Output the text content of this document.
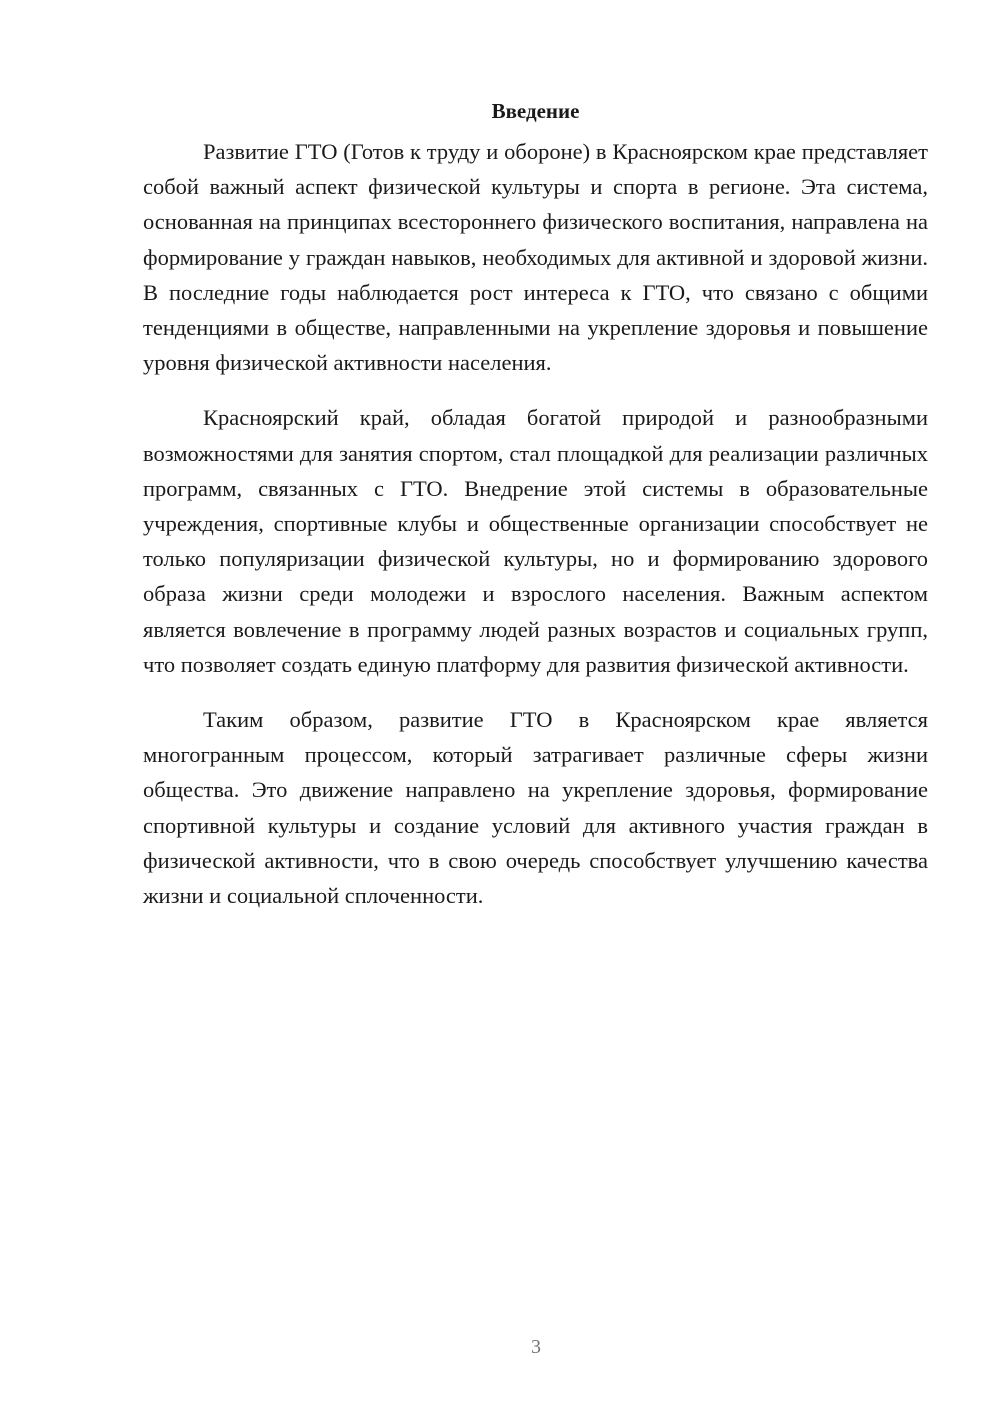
Введение

Развитие ГТО (Готов к труду и обороне) в Красноярском крае представляет собой важный аспект физической культуры и спорта в регионе. Эта система, основанная на принципах всестороннего физического воспитания, направлена на формирование у граждан навыков, необходимых для активной и здоровой жизни. В последние годы наблюдается рост интереса к ГТО, что связано с общими тенденциями в обществе, направленными на укрепление здоровья и повышение уровня физической активности населения.

Красноярский край, обладая богатой природой и разнообразными возможностями для занятия спортом, стал площадкой для реализации различных программ, связанных с ГТО. Внедрение этой системы в образовательные учреждения, спортивные клубы и общественные организации способствует не только популяризации физической культуры, но и формированию здорового образа жизни среди молодежи и взрослого населения. Важным аспектом является вовлечение в программу людей разных возрастов и социальных групп, что позволяет создать единую платформу для развития физической активности.

Таким образом, развитие ГТО в Красноярском крае является многогранным процессом, который затрагивает различные сферы жизни общества. Это движение направлено на укрепление здоровья, формирование спортивной культуры и создание условий для активного участия граждан в физической активности, что в свою очередь способствует улучшению качества жизни и социальной сплоченности.

3
